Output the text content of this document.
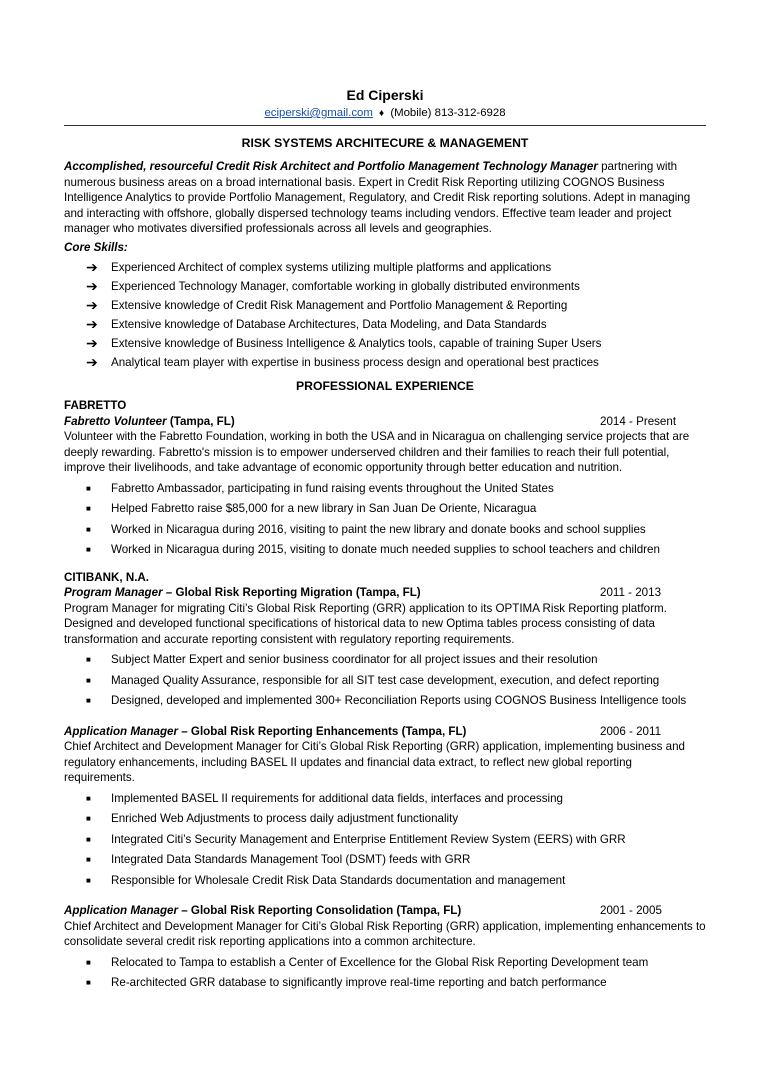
Ed Ciperski
eciperski@gmail.com ♦ (Mobile) 813-312-6928
RISK SYSTEMS ARCHITECURE & MANAGEMENT
Accomplished, resourceful Credit Risk Architect and Portfolio Management Technology Manager partnering with numerous business areas on a broad international basis. Expert in Credit Risk Reporting utilizing COGNOS Business Intelligence Analytics to provide Portfolio Management, Regulatory, and Credit Risk reporting solutions. Adept in managing and interacting with offshore, globally dispersed technology teams including vendors. Effective team leader and project manager who motivates diversified professionals across all levels and geographies.
Core Skills:
➔	Experienced Architect of complex systems utilizing multiple platforms and applications
➔	Experienced Technology Manager, comfortable working in globally distributed environments
➔	Extensive knowledge of Credit Risk Management and Portfolio Management & Reporting
➔	Extensive knowledge of Database Architectures, Data Modeling, and Data Standards
➔	Extensive knowledge of Business Intelligence & Analytics tools, capable of training Super Users
➔	Analytical team player with expertise in business process design and operational best practices
PROFESSIONAL EXPERIENCE
FABRETTO
Fabretto Volunteer (Tampa, FL)	2014 - Present
Volunteer with the Fabretto Foundation, working in both the USA and in Nicaragua on challenging service projects that are deeply rewarding. Fabretto's mission is to empower underserved children and their families to reach their full potential, improve their livelihoods, and take advantage of economic opportunity through better education and nutrition.
■	Fabretto Ambassador, participating in fund raising events throughout the United States
■	Helped Fabretto raise $85,000 for a new library in San Juan De Oriente, Nicaragua
■	Worked in Nicaragua during 2016, visiting to paint the new library and donate books and school supplies
■	Worked in Nicaragua during 2015, visiting to donate much needed supplies to school teachers and children
CITIBANK, N.A.
Program Manager – Global Risk Reporting Migration (Tampa, FL)	2011 - 2013
Program Manager for migrating Citi’s Global Risk Reporting (GRR) application to its OPTIMA Risk Reporting platform. Designed and developed functional specifications of historical data to new Optima tables process consisting of data transformation and accurate reporting consistent with regulatory reporting requirements.
■	Subject Matter Expert and senior business coordinator for all project issues and their resolution
■	Managed Quality Assurance, responsible for all SIT test case development, execution, and defect reporting
■	Designed, developed and implemented 300+ Reconciliation Reports using COGNOS Business Intelligence tools
Application Manager – Global Risk Reporting Enhancements (Tampa, FL)	2006 - 2011
Chief Architect and Development Manager for Citi’s Global Risk Reporting (GRR) application, implementing business and regulatory enhancements, including BASEL II updates and financial data extract, to reflect new global reporting requirements.
■	Implemented BASEL II requirements for additional data fields, interfaces and processing
■	Enriched Web Adjustments to process daily adjustment functionality
■	Integrated Citi’s Security Management and Enterprise Entitlement Review System (EERS) with GRR
■	Integrated Data Standards Management Tool (DSMT) feeds with GRR
■	Responsible for Wholesale Credit Risk Data Standards documentation and management
Application Manager – Global Risk Reporting Consolidation (Tampa, FL)	2001 - 2005
Chief Architect and Development Manager for Citi’s Global Risk Reporting (GRR) application, implementing enhancements to consolidate several credit risk reporting applications into a common architecture.
■	Relocated to Tampa to establish a Center of Excellence for the Global Risk Reporting Development team
■	Re-architected GRR database to significantly improve real-time reporting and batch performance
